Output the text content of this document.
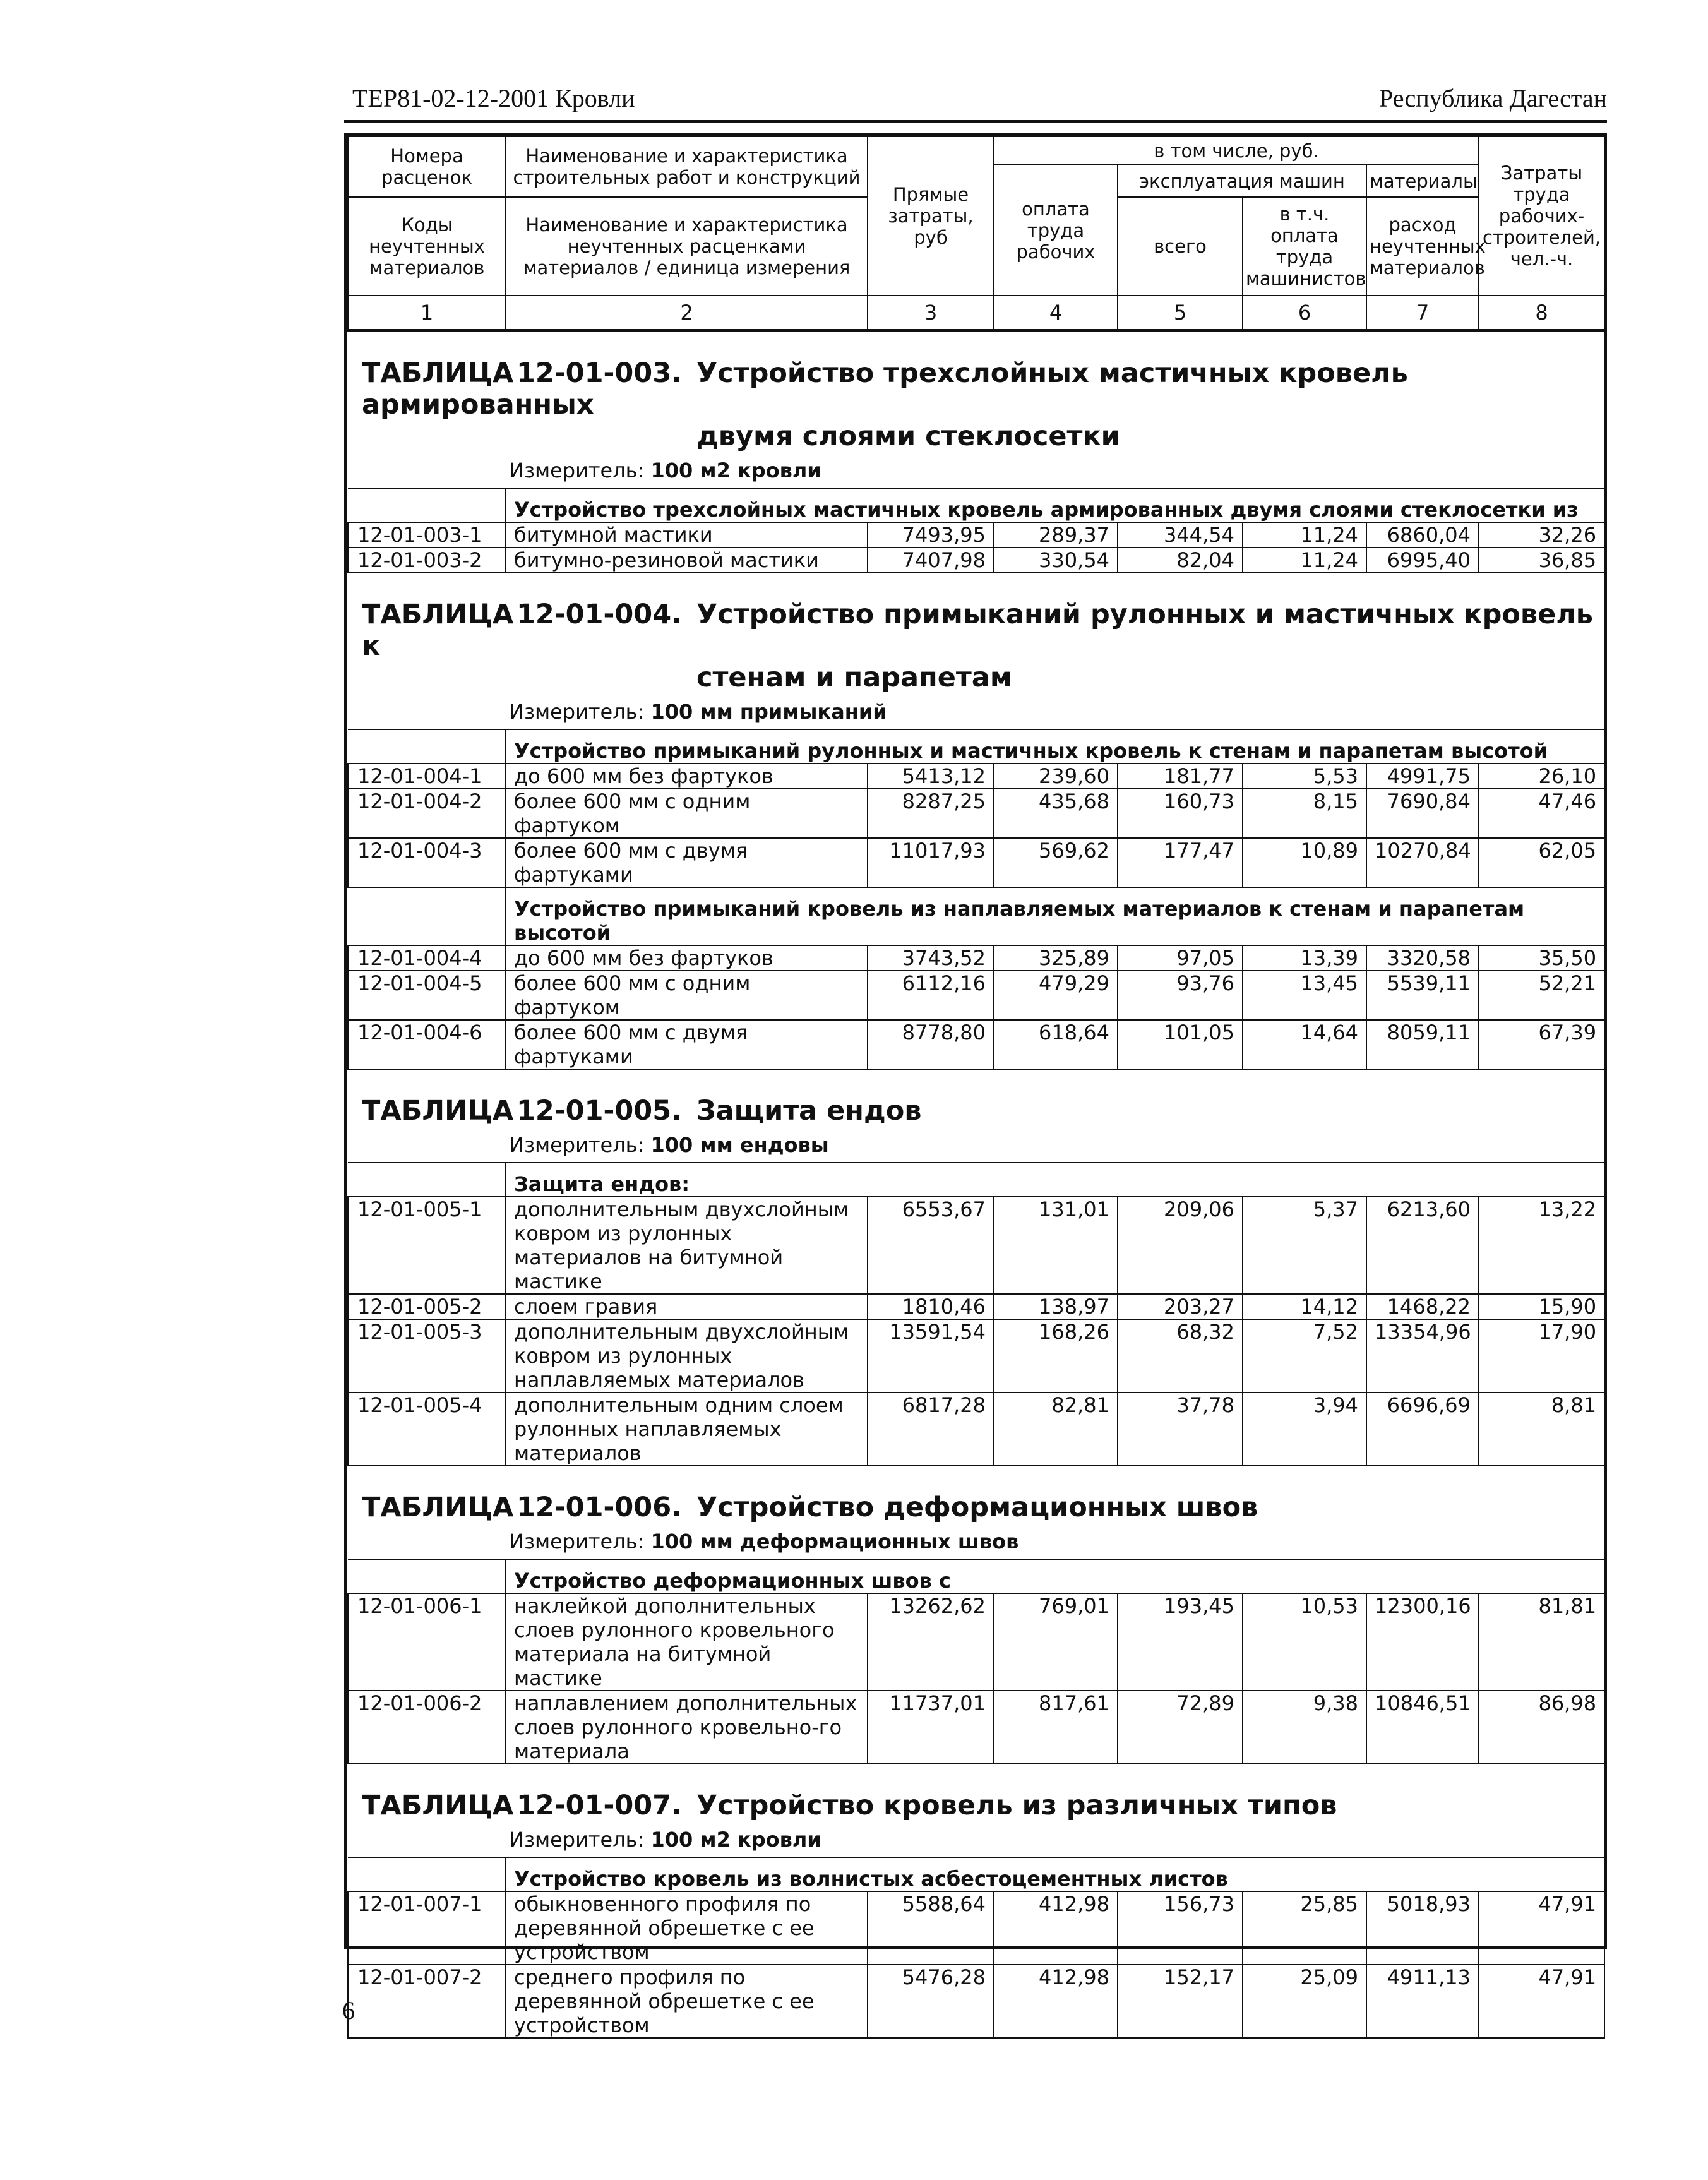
ТЕР81-02-12-2001 Кровли	Республика Дагестан
Номера расценок	Наименование и характеристика строительных работ и конструкций	Прямые затраты, руб	в том числе, руб.				Затраты труда рабочих-строителей, чел.-ч.
			оплата труда рабочих	эксплуатация машин		материалы	
Коды неучтенных материалов	Наименование и характеристика неучтенных расценками материалов / единица измерения			всего	в т.ч. оплата труда машинистов	расход неучтенных материалов	

1	2	3	4	5	6	7	8
ТАБЛИЦА 12-01-003. Устройство трехслойных мастичных кровель армированных
двумя слоями стеклосетки							

Измеритель: 100 м2 кровли							
	Устройство трехслойных мастичных кровель армированных двумя слоями стеклосетки из						
12-01-003-1	битумной мастики	7493,95	289,37	344,54	11,24	6860,04	32,26
12-01-003-2	битумно-резиновой мастики	7407,98	330,54	82,04	11,24	6995,40	36,85
ТАБЛИЦА 12-01-004. Устройство примыканий рулонных и мастичных кровель к
стенам и парапетам							

Измеритель: 100 мм примыканий							
	Устройство примыканий рулонных и мастичных кровель к стенам и парапетам высотой						
12-01-004-1	до 600 мм без фартуков	5413,12	239,60	181,77	5,53	4991,75	26,10
12-01-004-2	более 600 мм с одним фартуком	8287,25	435,68	160,73	8,15	7690,84	47,46
12-01-004-3	более 600 мм с двумя фартуками	11017,93	569,62	177,47	10,89	10270,84	62,05
	Устройство примыканий кровель из наплавляемых материалов к стенам и парапетам высотой						
12-01-004-4	до 600 мм без фартуков	3743,52	325,89	97,05	13,39	3320,58	35,50
12-01-004-5	более 600 мм с одним фартуком	6112,16	479,29	93,76	13,45	5539,11	52,21
12-01-004-6	более 600 мм с двумя фартуками	8778,80	618,64	101,05	14,64	8059,11	67,39
ТАБЛИЦА 12-01-005. Защита ендов							
Измеритель: 100 мм ендовы							
	Защита ендов:						
12-01-005-1	дополнительным двухслойным ковром из рулонных материалов на битумной мастике	6553,67	131,01	209,06	5,37	6213,60	13,22
12-01-005-2	слоем гравия	1810,46	138,97	203,27	14,12	1468,22	15,90
12-01-005-3	дополнительным двухслойным ковром из рулонных наплавляемых материалов	13591,54	168,26	68,32	7,52	13354,96	17,90
12-01-005-4	дополнительным одним слоем рулонных наплавляемых материалов	6817,28	82,81	37,78	3,94	6696,69	8,81
ТАБЛИЦА 12-01-006. Устройство деформационных швов							
Измеритель: 100 мм деформационных швов							
	Устройство деформационных швов с						
12-01-006-1	наклейкой дополнительных слоев рулонного кровельного материала на битумной мастике	13262,62	769,01	193,45	10,53	12300,16	81,81
12-01-006-2	наплавлением дополнительных слоев рулонного кровельно-го материала	11737,01	817,61	72,89	9,38	10846,51	86,98
ТАБЛИЦА 12-01-007. Устройство кровель из различных типов							
Измеритель: 100 м2 кровли							
	Устройство кровель из волнистых асбестоцементных листов						
12-01-007-1	обыкновенного профиля по деревянной обрешетке с ее устройством	5588,64	412,98	156,73	25,85	5018,93	47,91
12-01-007-2	среднего профиля по деревянной обрешетке с ее устройством	5476,28	412,98	152,17	25,09	4911,13	47,91
6
